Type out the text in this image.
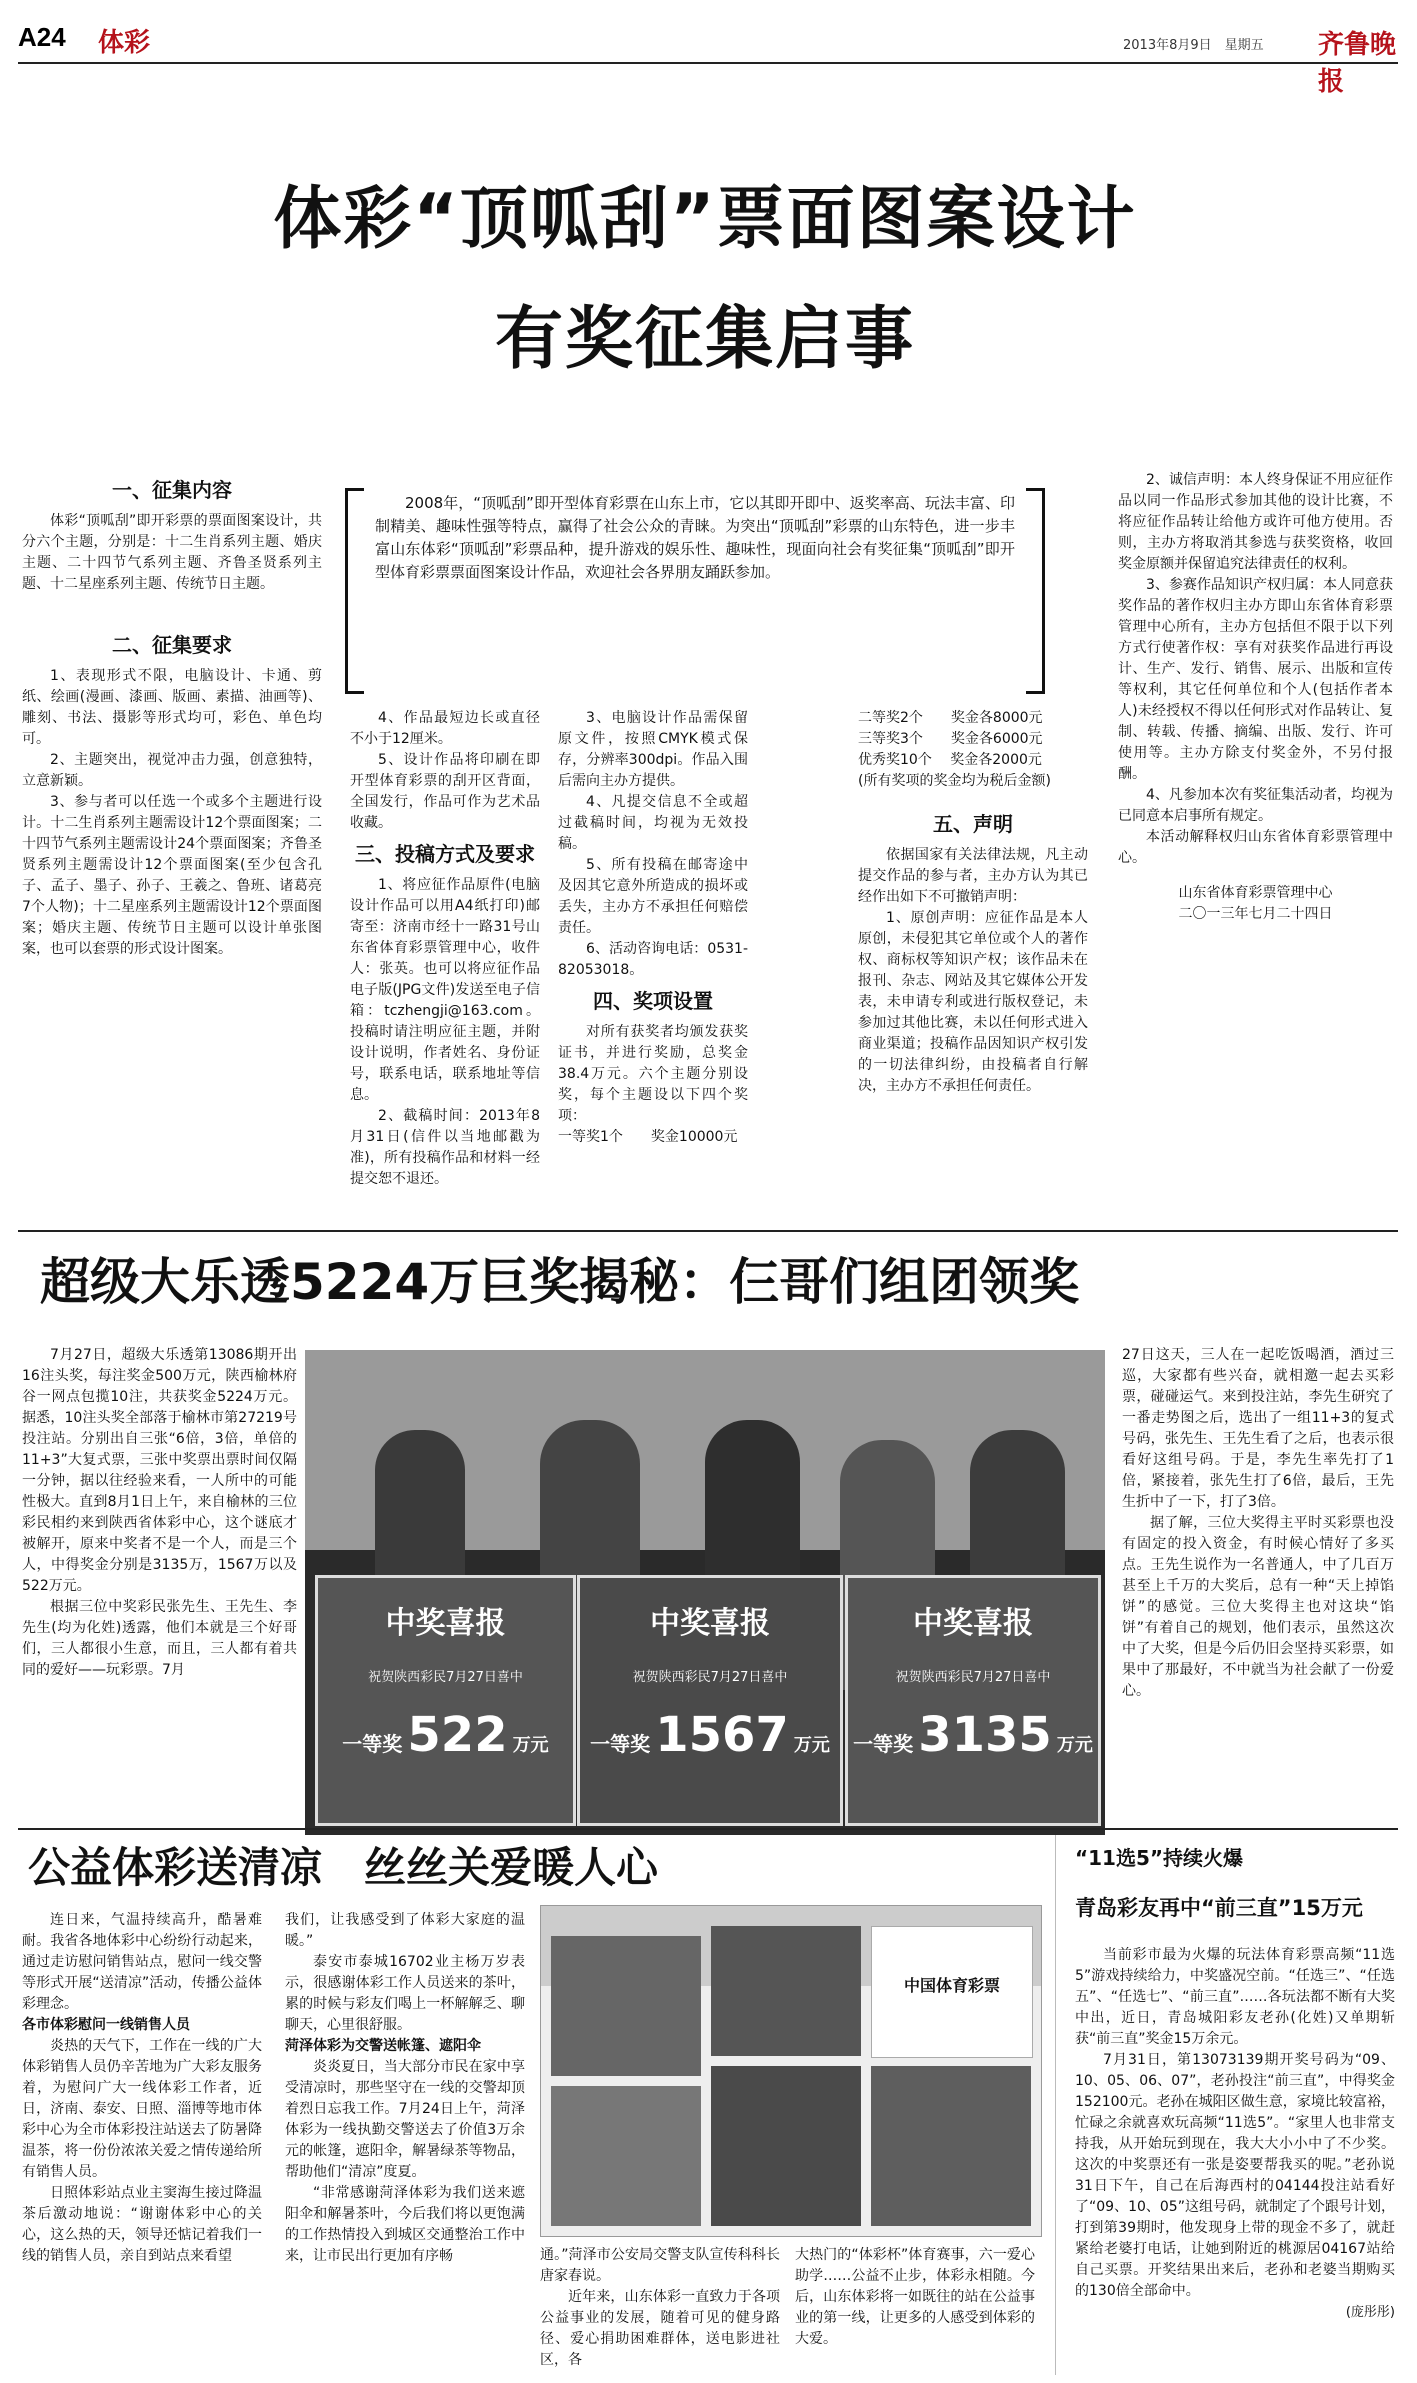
A24 体彩	2013年8月9日　星期五 齐鲁晚报
体彩“顶呱刮”票面图案设计
有奖征集启事
一、征集内容

体彩“顶呱刮”即开彩票的票面图案设计，共分六个主题，分别是：十二生肖系列主题、婚庆主题、二十四节气系列主题、齐鲁圣贤系列主题、十二星座系列主题、传统节日主题。

二、征集要求

1、表现形式不限，电脑设计、卡通、剪纸、绘画(漫画、漆画、版画、素描、油画等)、雕刻、书法、摄影等形式均可，彩色、单色均可。

2、主题突出，视觉冲击力强，创意独特，立意新颖。

3、参与者可以任选一个或多个主题进行设计。十二生肖系列主题需设计12个票面图案；二十四节气系列主题需设计24个票面图案；齐鲁圣贤系列主题需设计12个票面图案(至少包含孔子、孟子、墨子、孙子、王羲之、鲁班、诸葛亮7个人物)；十二星座系列主题需设计12个票面图案；婚庆主题、传统节日主题可以设计单张图案，也可以套票的形式设计图案。

2008年，“顶呱刮”即开型体育彩票在山东上市，它以其即开即中、返奖率高、玩法丰富、印制精美、趣味性强等特点，赢得了社会公众的青睐。为突出“顶呱刮”彩票的山东特色，进一步丰富山东体彩“顶呱刮”彩票品种，提升游戏的娱乐性、趣味性，现面向社会有奖征集“顶呱刮”即开型体育彩票票面图案设计作品，欢迎社会各界朋友踊跃参加。

4、作品最短边长或直径不小于12厘米。

5、设计作品将印刷在即开型体育彩票的刮开区背面，全国发行，作品可作为艺术品收藏。

三、投稿方式及要求

1、将应征作品原件(电脑设计作品可以用A4纸打印)邮寄至：济南市经十一路31号山东省体育彩票管理中心，收件人：张英。也可以将应征作品电子版(JPG文件)发送至电子信箱：tczhengji@163.com。投稿时请注明应征主题，并附设计说明，作者姓名、身份证号，联系电话，联系地址等信息。

2、截稿时间：2013年8月31日(信件以当地邮戳为准)，所有投稿作品和材料一经提交恕不退还。

3、电脑设计作品需保留原文件，按照CMYK模式保存，分辨率300dpi。作品入围后需向主办方提供。

4、凡提交信息不全或超过截稿时间，均视为无效投稿。

5、所有投稿在邮寄途中及因其它意外所造成的损坏或丢失，主办方不承担任何赔偿责任。

6、活动咨询电话：0531-82053018。

四、奖项设置

对所有获奖者均颁发获奖证书，并进行奖励，总奖金38.4万元。六个主题分别设奖，每个主题设以下四个奖项：

一等奖1个　　奖金10000元

二等奖2个　　奖金各8000元

三等奖3个　　奖金各6000元

优秀奖10个　 奖金各2000元

(所有奖项的奖金均为税后金额)

五、声明

依据国家有关法律法规，凡主动提交作品的参与者，主办方认为其已经作出如下不可撤销声明：

1、原创声明：应征作品是本人原创，未侵犯其它单位或个人的著作权、商标权等知识产权；该作品未在报刊、杂志、网站及其它媒体公开发表，未申请专利或进行版权登记，未参加过其他比赛，未以任何形式进入商业渠道；投稿作品因知识产权引发的一切法律纠纷，由投稿者自行解决，主办方不承担任何责任。

2、诚信声明：本人终身保证不用应征作品以同一作品形式参加其他的设计比赛，不将应征作品转让给他方或许可他方使用。否则，主办方将取消其参选与获奖资格，收回奖金原额并保留追究法律责任的权利。

3、参赛作品知识产权归属：本人同意获奖作品的著作权归主办方即山东省体育彩票管理中心所有，主办方包括但不限于以下列方式行使著作权：享有对获奖作品进行再设计、生产、发行、销售、展示、出版和宣传等权利，其它任何单位和个人(包括作者本人)未经授权不得以任何形式对作品转让、复制、转载、传播、摘编、出版、发行、许可使用等。主办方除支付奖金外，不另付报酬。

4、凡参加本次有奖征集活动者，均视为已同意本启事所有规定。

本活动解释权归山东省体育彩票管理中心。

山东省体育彩票管理中心
二〇一三年七月二十四日
超级大乐透5224万巨奖揭秘：仨哥们组团领奖

7月27日，超级大乐透第13086期开出16注头奖，每注奖金500万元，陕西榆林府谷一网点包揽10注，共获奖金5224万元。据悉，10注头奖全部落于榆林市第27219号投注站。分别出自三张“6倍，3倍，单倍的11+3”大复式票，三张中奖票出票时间仅隔一分钟，据以往经验来看，一人所中的可能性极大。直到8月1日上午，来自榆林的三位彩民相约来到陕西省体彩中心，这个谜底才被解开，原来中奖者不是一个人，而是三个人，中得奖金分别是3135万，1567万以及522万元。

根据三位中奖彩民张先生、王先生、李先生(均为化姓)透露，他们本就是三个好哥们，三人都很小生意，而且，三人都有着共同的爱好——玩彩票。7月

中奖喜报
祝贺陕西彩民7月27日喜中
一等奖 522 万元
中奖喜报
祝贺陕西彩民7月27日喜中
一等奖 1567 万元
中奖喜报
祝贺陕西彩民7月27日喜中
一等奖 3135 万元

27日这天，三人在一起吃饭喝酒，酒过三巡，大家都有些兴奋，就相邀一起去买彩票，碰碰运气。来到投注站，李先生研究了一番走势图之后，选出了一组11+3的复式号码，张先生、王先生看了之后，也表示很看好这组号码。于是，李先生率先打了1倍，紧接着，张先生打了6倍，最后，王先生折中了一下，打了3倍。

据了解，三位大奖得主平时买彩票也没有固定的投入资金，有时候心情好了多买点。王先生说作为一名普通人，中了几百万甚至上千万的大奖后，总有一种“天上掉馅饼”的感觉。三位大奖得主也对这块“馅饼”有着自己的规划，他们表示，虽然这次中了大奖，但是今后仍旧会坚持买彩票，如果中了那最好，不中就当为社会献了一份爱心。

公益体彩送清凉　丝丝关爱暖人心

连日来，气温持续高升，酷暑难耐。我省各地体彩中心纷纷行动起来，通过走访慰问销售站点，慰问一线交警等形式开展“送清凉”活动，传播公益体彩理念。

各市体彩慰问一线销售人员

炎热的天气下，工作在一线的广大体彩销售人员仍辛苦地为广大彩友服务着，为慰问广大一线体彩工作者，近日，济南、泰安、日照、淄博等地市体彩中心为全市体彩投注站送去了防暑降温茶，将一份份浓浓关爱之情传递给所有销售人员。

日照体彩站点业主窦海生接过降温茶后激动地说：“谢谢体彩中心的关心，这么热的天，领导还惦记着我们一线的销售人员，亲自到站点来看望

我们，让我感受到了体彩大家庭的温暖。”

泰安市泰城16702业主杨万岁表示，很感谢体彩工作人员送来的茶叶，累的时候与彩友们喝上一杯解解乏、聊聊天，心里很舒服。

菏泽体彩为交警送帐篷、遮阳伞

炎炎夏日，当大部分市民在家中享受清凉时，那些坚守在一线的交警却顶着烈日忘我工作。7月24日上午，菏泽体彩为一线执勤交警送去了价值3万余元的帐篷，遮阳伞，解暑绿茶等物品，帮助他们“清凉”度夏。

“非常感谢菏泽体彩为我们送来遮阳伞和解暑茶叶，今后我们将以更饱满的工作热情投入到城区交通整治工作中来，让市民出行更加有序畅

中国体育彩票

通。”菏泽市公安局交警支队宣传科科长唐家春说。

近年来，山东体彩一直致力于各项公益事业的发展，随着可见的健身路径、爱心捐助困难群体，送电影进社区，各

大热门的“体彩杯”体育赛事，六一爱心助学……公益不止步，体彩永相随。今后，山东体彩将一如既往的站在公益事业的第一线，让更多的人感受到体彩的大爱。

“11选5”持续火爆
青岛彩友再中“前三直”15万元

当前彩市最为火爆的玩法体育彩票高频“11选5”游戏持续给力，中奖盛况空前。“任选三”、“任选五”、“任选七”、“前三直”……各玩法都不断有大奖中出，近日，青岛城阳彩友老孙(化姓)又单期斩获“前三直”奖金15万余元。

7月31日，第13073139期开奖号码为“09、10、05、06、07”，老孙投注“前三直”，中得奖金152100元。老孙在城阳区做生意，家境比较富裕，忙碌之余就喜欢玩高频“11选5”。“家里人也非常支持我，从开始玩到现在，我大大小小中了不少奖。这次的中奖票还有一张是姿要帮我买的呢。”老孙说31日下午，自己在后海西村的04144投注站看好了“09、10、05”这组号码，就制定了个跟号计划，打到第39期时，他发现身上带的现金不多了，就赶紧给老婆打电话，让她到附近的桃源居04167站给自己买票。开奖结果出来后，老孙和老婆当期购买的130倍全部命中。

(庞彤彤)
